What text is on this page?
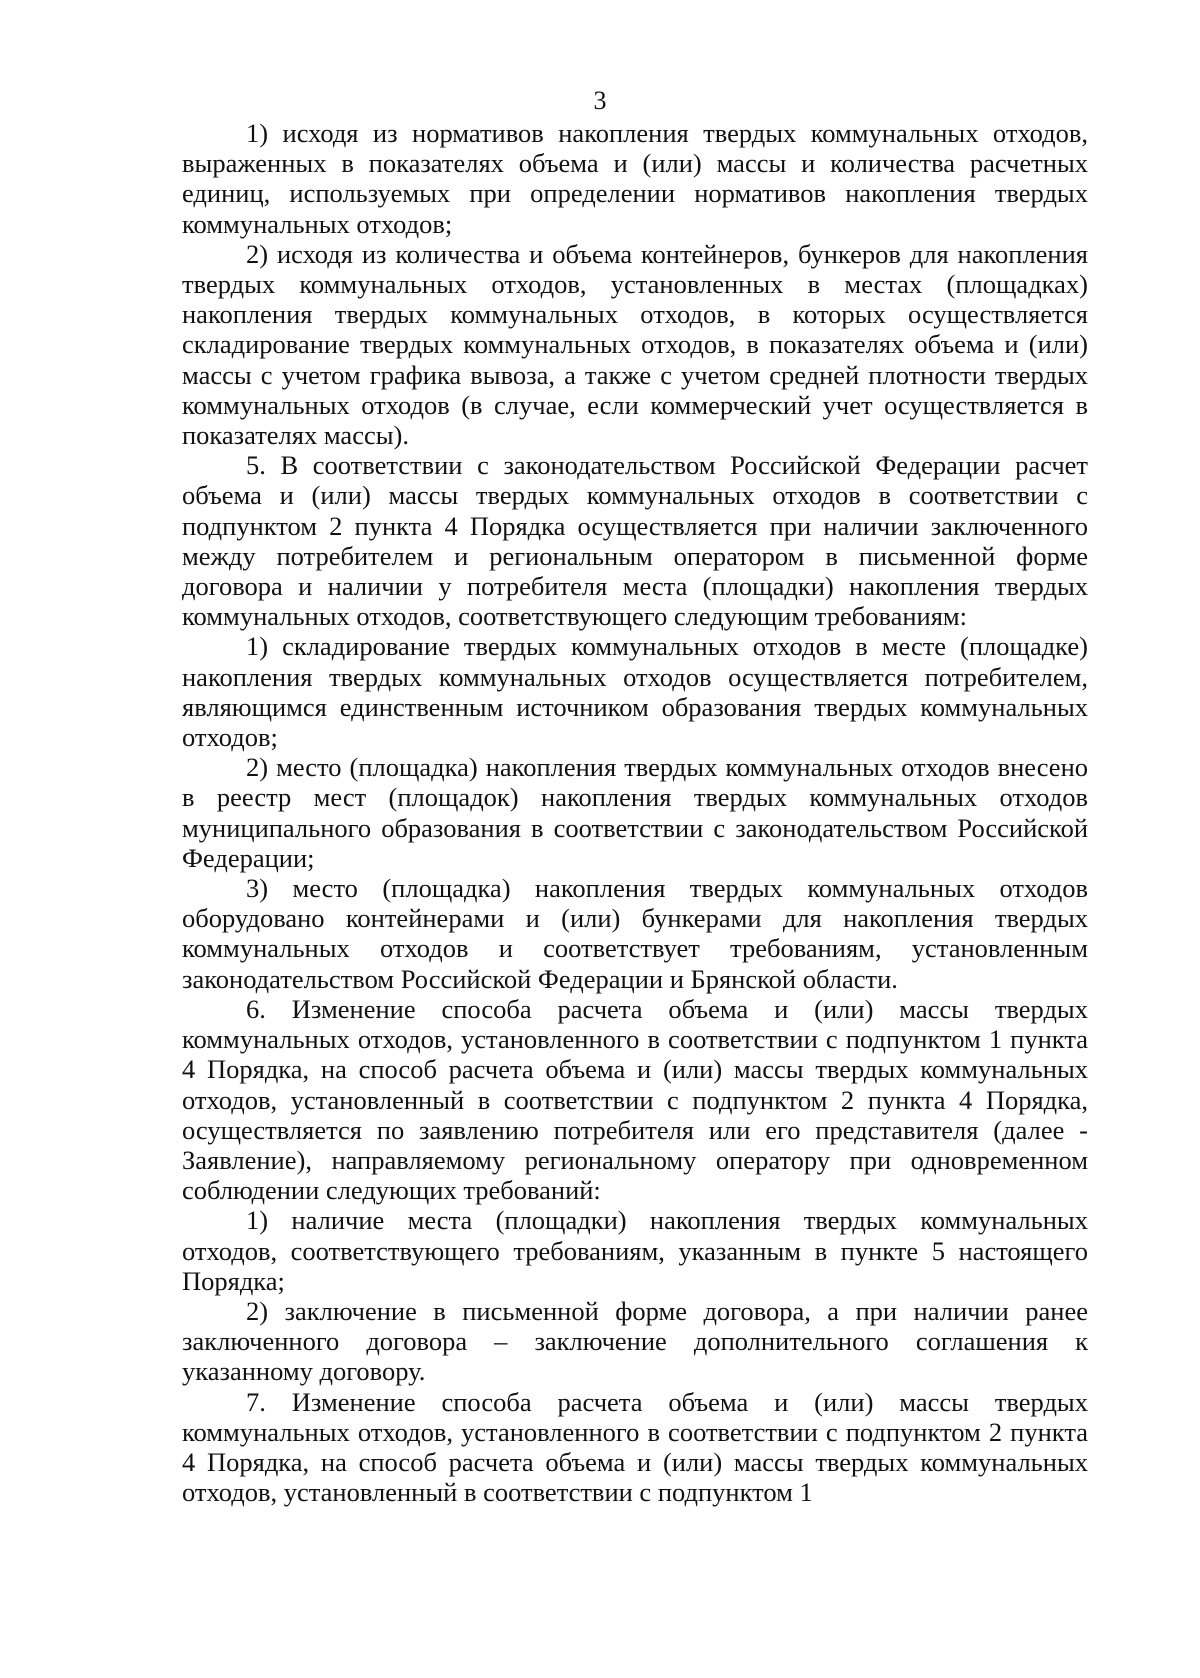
3

1) исходя из нормативов накопления твердых коммунальных отходов, выраженных в показателях объема и (или) массы и количества расчетных единиц, используемых при определении нормативов накопления твердых коммунальных отходов;

2) исходя из количества и объема контейнеров, бункеров для накопления твердых коммунальных отходов, установленных в местах (площадках) накопления твердых коммунальных отходов, в которых осуществляется складирование твердых коммунальных отходов, в показателях объема и (или) массы с учетом графика вывоза, а также с учетом средней плотности твердых коммунальных отходов (в случае, если коммерческий учет осуществляется в показателях массы).

5. В соответствии с законодательством Российской Федерации расчет объема и (или) массы твердых коммунальных отходов в соответствии с подпунктом 2 пункта 4 Порядка осуществляется при наличии заключенного между потребителем и региональным оператором в письменной форме договора и наличии у потребителя места (площадки) накопления твердых коммунальных отходов, соответствующего следующим требованиям:

1) складирование твердых коммунальных отходов в месте (площадке) накопления твердых коммунальных отходов осуществляется потребителем, являющимся единственным источником образования твердых коммунальных отходов;

2) место (площадка) накопления твердых коммунальных отходов внесено в реестр мест (площадок) накопления твердых коммунальных отходов муниципального образования в соответствии с законодательством Российской Федерации;

3) место (площадка) накопления твердых коммунальных отходов оборудовано контейнерами и (или) бункерами для накопления твердых коммунальных отходов и соответствует требованиям, установленным законодательством Российской Федерации и Брянской области.

6. Изменение способа расчета объема и (или) массы твердых коммунальных отходов, установленного в соответствии с подпунктом 1 пункта 4 Порядка, на способ расчета объема и (или) массы твердых коммунальных отходов, установленный в соответствии с подпунктом 2 пункта 4 Порядка, осуществляется по заявлению потребителя или его представителя (далее - Заявление), направляемому региональному оператору при одновременном соблюдении следующих требований:

1) наличие места (площадки) накопления твердых коммунальных отходов, соответствующего требованиям, указанным в пункте 5 настоящего Порядка;

2) заключение в письменной форме договора, а при наличии ранее заключенного договора – заключение дополнительного соглашения к указанному договору.

7. Изменение способа расчета объема и (или) массы твердых коммунальных отходов, установленного в соответствии с подпунктом 2 пункта 4 Порядка, на способ расчета объема и (или) массы твердых коммунальных отходов, установленный в соответствии с подпунктом 1
